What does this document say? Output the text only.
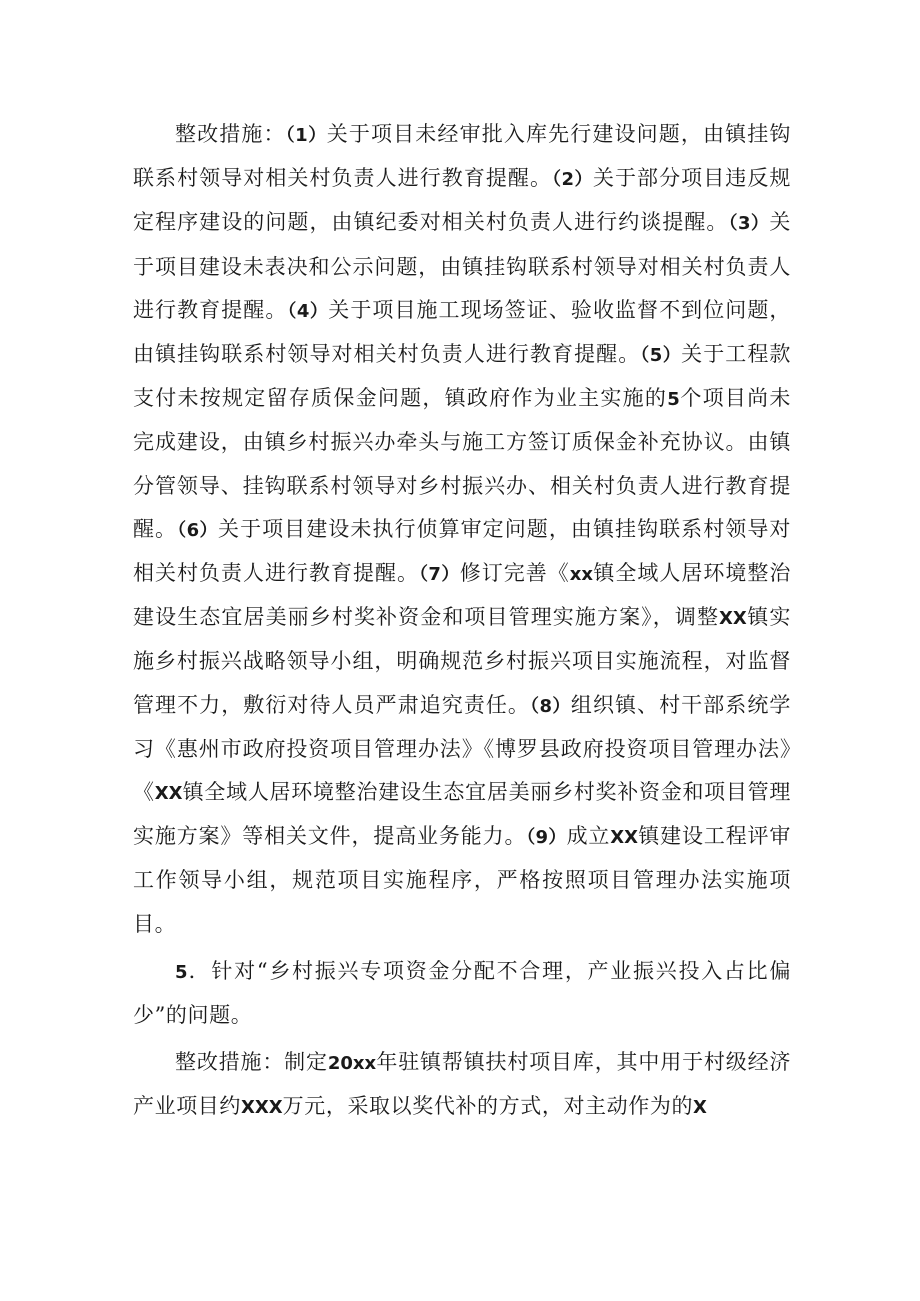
整改措施：（1）关于项目未经审批入库先行建设问题，由镇挂钩联系村领导对相关村负责人进行教育提醒。（2）关于部分项目违反规定程序建设的问题，由镇纪委对相关村负责人进行约谈提醒。（3）关于项目建设未表决和公示问题，由镇挂钩联系村领导对相关村负责人进行教育提醒。（4）关于项目施工现场签证、验收监督不到位问题，由镇挂钩联系村领导对相关村负责人进行教育提醒。（5）关于工程款支付未按规定留存质保金问题，镇政府作为业主实施的5个项目尚未完成建设，由镇乡村振兴办牵头与施工方签订质保金补充协议。由镇分管领导、挂钩联系村领导对乡村振兴办、相关村负责人进行教育提醒。（6）关于项目建设未执行侦算审定问题，由镇挂钩联系村领导对相关村负责人进行教育提醒。（7）修订完善《xx镇全域人居环境整治建设生态宜居美丽乡村奖补资金和项目管理实施方案》，调整XX镇实施乡村振兴战略领导小组，明确规范乡村振兴项目实施流程，对监督管理不力，敷衍对待人员严肃追究责任。（8）组织镇、村干部系统学习《惠州市政府投资项目管理办法》《博罗县政府投资项目管理办法》《XX镇全域人居环境整治建设生态宜居美丽乡村奖补资金和项目管理实施方案》等相关文件，提高业务能力。（9）成立XX镇建设工程评审工作领导小组，规范项目实施程序，严格按照项目管理办法实施项目。

5．针对“乡村振兴专项资金分配不合理，产业振兴投入占比偏少”的问题。

整改措施：制定20xx年驻镇帮镇扶村项目库，其中用于村级经济产业项目约XXX万元，采取以奖代补的方式，对主动作为的X
